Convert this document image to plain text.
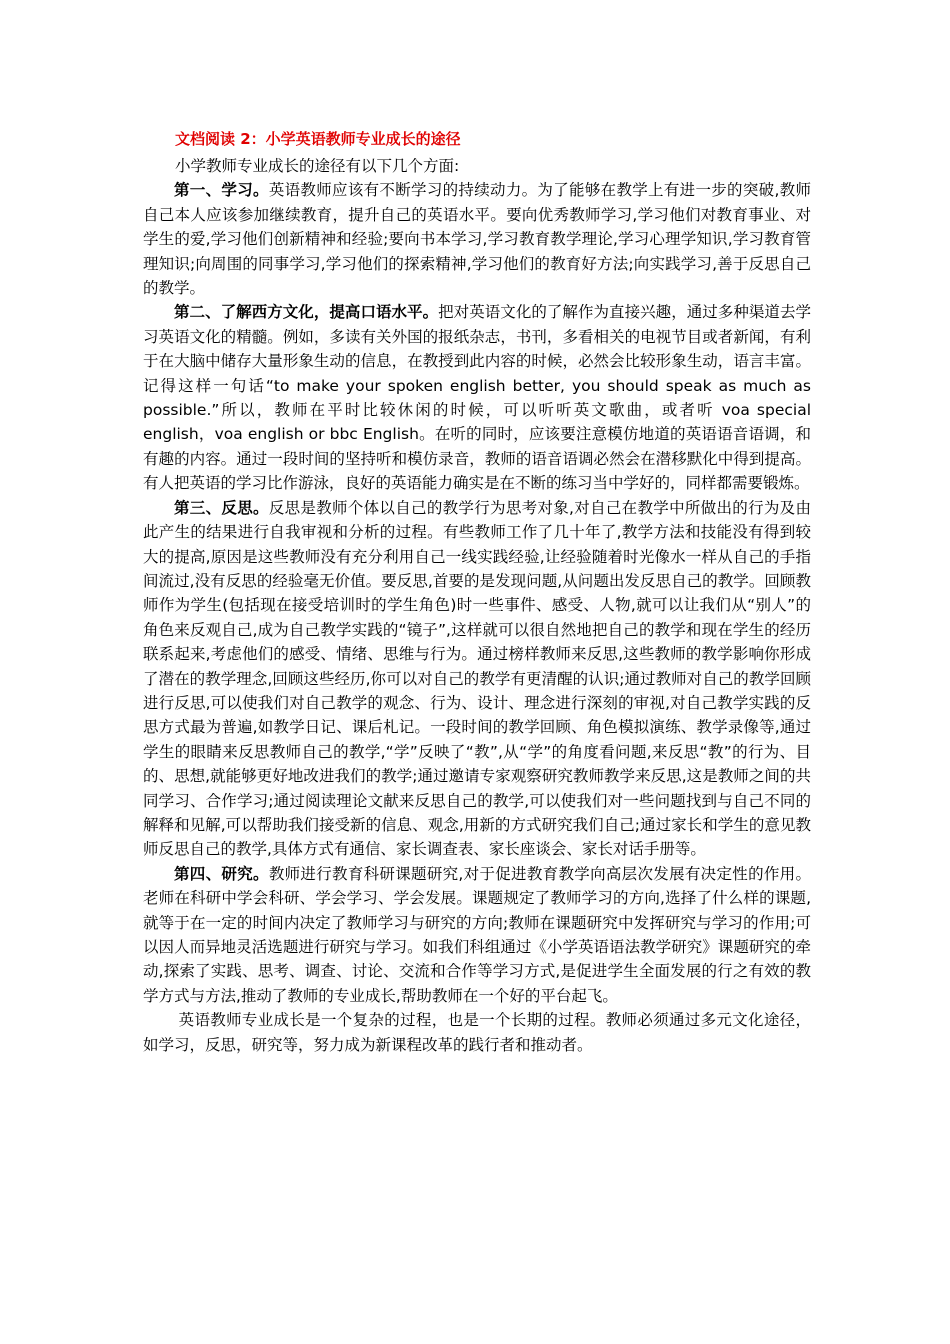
文档阅读 2：小学英语教师专业成长的途径

小学教师专业成长的途径有以下几个方面:

第一、学习。英语教师应该有不断学习的持续动力。为了能够在教学上有进一步的突破,教师自己本人应该参加继续教育，提升自己的英语水平。要向优秀教师学习,学习他们对教育事业、对学生的爱,学习他们创新精神和经验;要向书本学习,学习教育教学理论,学习心理学知识,学习教育管理知识;向周围的同事学习,学习他们的探索精神,学习他们的教育好方法;向实践学习,善于反思自己的教学。

第二、了解西方文化，提高口语水平。把对英语文化的了解作为直接兴趣，通过多种渠道去学习英语文化的精髓。例如，多读有关外国的报纸杂志，书刊，多看相关的电视节目或者新闻，有利于在大脑中储存大量形象生动的信息，在教授到此内容的时候，必然会比较形象生动，语言丰富。记得这样一句话“to make your spoken english better, you should speak as much as possible.”所以，教师在平时比较休闲的时候，可以听听英文歌曲，或者听 voa special english，voa english or bbc English。在听的同时，应该要注意模仿地道的英语语音语调，和有趣的内容。通过一段时间的坚持听和模仿录音，教师的语音语调必然会在潜移默化中得到提高。有人把英语的学习比作游泳，良好的英语能力确实是在不断的练习当中学好的，同样都需要锻炼。

第三、反思。反思是教师个体以自己的教学行为思考对象,对自己在教学中所做出的行为及由此产生的结果进行自我审视和分析的过程。有些教师工作了几十年了,教学方法和技能没有得到较大的提高,原因是这些教师没有充分利用自己一线实践经验,让经验随着时光像水一样从自己的手指间流过,没有反思的经验毫无价值。要反思,首要的是发现问题,从问题出发反思自己的教学。回顾教师作为学生(包括现在接受培训时的学生角色)时一些事件、感受、人物,就可以让我们从“别人”的角色来反观自己,成为自己教学实践的“镜子”,这样就可以很自然地把自己的教学和现在学生的经历联系起来,考虑他们的感受、情绪、思维与行为。通过榜样教师来反思,这些教师的教学影响你形成了潜在的教学理念,回顾这些经历,你可以对自己的教学有更清醒的认识;通过教师对自己的教学回顾进行反思,可以使我们对自己教学的观念、行为、设计、理念进行深刻的审视,对自己教学实践的反思方式最为普遍,如教学日记、课后札记。一段时间的教学回顾、角色模拟演练、教学录像等,通过学生的眼睛来反思教师自己的教学,“学”反映了“教”,从“学”的角度看问题,来反思“教”的行为、目的、思想,就能够更好地改进我们的教学;通过邀请专家观察研究教师教学来反思,这是教师之间的共同学习、合作学习;通过阅读理论文献来反思自己的教学,可以使我们对一些问题找到与自己不同的解释和见解,可以帮助我们接受新的信息、观念,用新的方式研究我们自己;通过家长和学生的意见教师反思自己的教学,具体方式有通信、家长调查表、家长座谈会、家长对话手册等。

第四、研究。教师进行教育科研课题研究,对于促进教育教学向高层次发展有决定性的作用。老师在科研中学会科研、学会学习、学会发展。课题规定了教师学习的方向,选择了什么样的课题,就等于在一定的时间内决定了教师学习与研究的方向;教师在课题研究中发挥研究与学习的作用;可以因人而异地灵活选题进行研究与学习。如我们科组通过《小学英语语法教学研究》课题研究的牵动,探索了实践、思考、调查、讨论、交流和合作等学习方式,是促进学生全面发展的行之有效的教学方式与方法,推动了教师的专业成长,帮助教师在一个好的平台起飞。

英语教师专业成长是一个复杂的过程，也是一个长期的过程。教师必须通过多元文化途径，如学习，反思，研究等，努力成为新课程改革的践行者和推动者。
